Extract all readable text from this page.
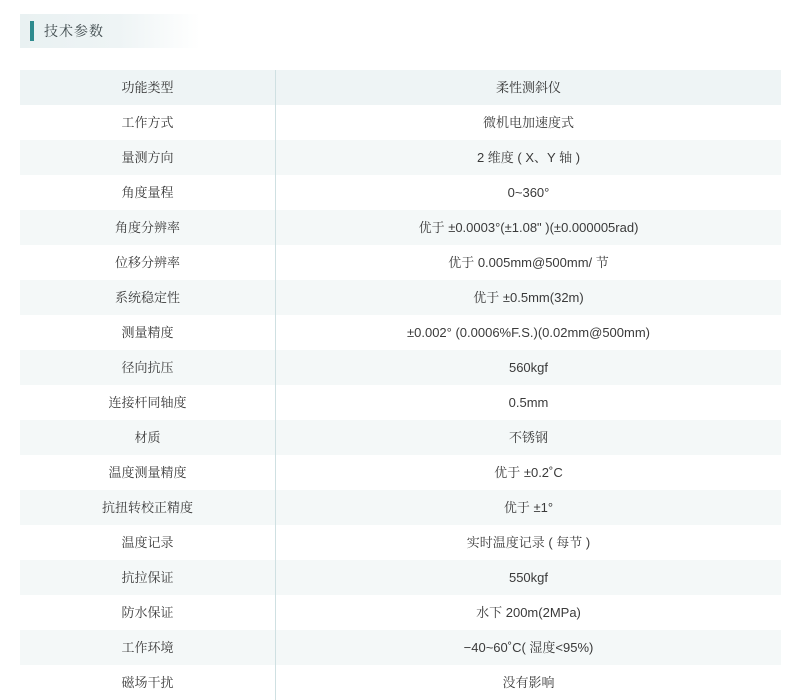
技术参数
功能类型	柔性测斜仪
工作方式	微机电加速度式
量测方向	2 维度 ( X、Y 轴 )
角度量程	0~360°
角度分辨率	优于 ±0.0003°(±1.08" )(±0.000005rad)
位移分辨率	优于 0.005mm@500mm/ 节
系统稳定性	优于 ±0.5mm(32m)
测量精度	±0.002° (0.0006%F.S.)(0.02mm@500mm)
径向抗压	560kgf
连接杆同轴度	0.5mm
材质	不锈钢
温度测量精度	优于 ±0.2˚C
抗扭转校正精度	优于 ±1°
温度记录	实时温度记录 ( 每节 )
抗拉保证	550kgf
防水保证	水下 200m(2MPa)
工作环境	−40~60˚C( 湿度<95%)
磁场干扰	没有影响
